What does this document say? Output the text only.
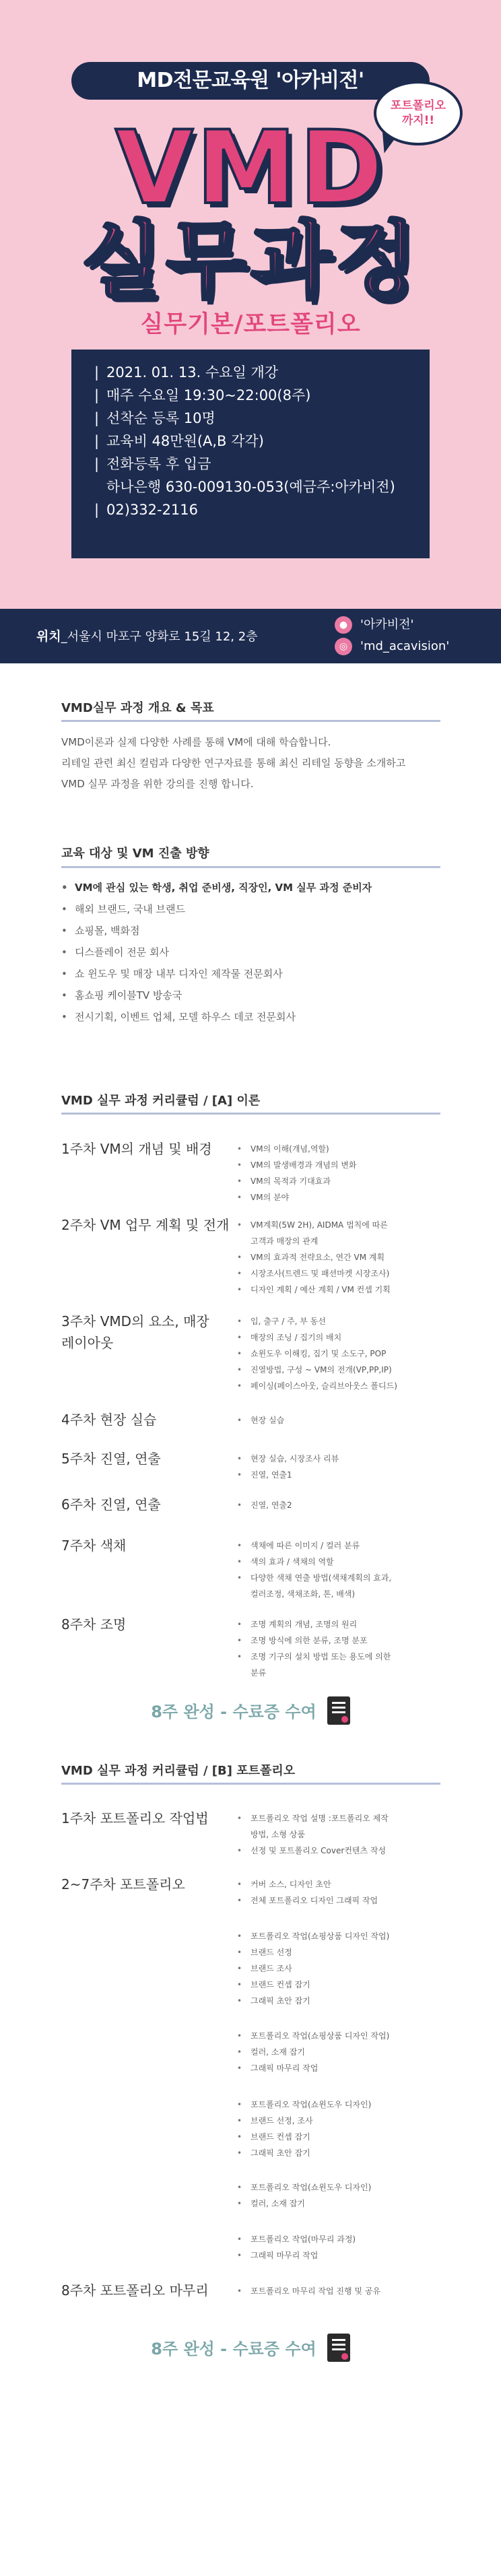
MD전문교육원 '아카비전'
포트폴리오
까지!!
VMD
실무과정
실무기본/포트폴리오
| 2021. 01. 13. 수요일 개강
| 매주 수요일 19:30~22:00(8주)
| 선착순 등록 10명
| 교육비 48만원(A,B 각각)
| 전화등록 후 입금
하나은행 630-009130-053(예금주:아카비전)
| 02)332-2116
위치_서울시 마포구 양화로 15길 12, 2층
● '아카비전'
◎ 'md_acavision'
VMD실무 과정 개요 & 목표
VMD이론과 실제 다양한 사례를 통해 VM에 대해 학습합니다.
리테일 관련 최신 컬럼과 다양한 연구자료를 통해 최신 리테일 동향을 소개하고
VMD 실무 과정을 위한 강의를 진행 합니다.
교육 대상 및 VM 진출 방향
• VM에 관심 있는 학생, 취업 준비생, 직장인, VM 실무 과정 준비자
• 해외 브랜드, 국내 브랜드
• 쇼핑몰, 백화점
• 디스플레이 전문 회사
• 쇼 윈도우 및 매장 내부 디자인 제작물 전문회사
• 홈쇼핑 케이블TV 방송국
• 전시기획, 이벤트 업체, 모델 하우스 데코 전문회사
VMD 실무 과정 커리큘럼 / [A] 이론
1주차 VM의 개념 및 배경	• VM의 이해(개념,역할)
• VM의 발생배경과 개념의 변화
• VM의 목적과 기대효과
• VM의 분야
2주차 VM 업무 계획 및 전개	• VM계획(5W 2H), AIDMA 법칙에 따른
고객과 매장의 관계
• VM의 효과적 전략요소, 연간 VM 계획
• 시장조사(트렌드 및 패션마켓 시장조사)
• 디자인 계획 / 예산 계획 / VM 컨셉 기획
3주차 VMD의 요소, 매장
레이아웃
• 입, 출구 / 주, 부 동선
• 매장의 조닝 / 집기의 배치
• 쇼윈도우 이해킹, 집기 및 소도구, POP
• 진열방법, 구성 ~ VM의 전개(VP,PP,IP)
• 페이싱(페이스아웃, 슬리브아웃스 폴디드)
4주차 현장 실습	• 현장 실습
5주차 진열, 연출	• 현장 실습, 시장조사 리뷰
• 진열, 연출1
6주차 진열, 연출	• 진열, 연출2
7주차 색채	• 색채에 따른 이미지 / 컬러 분류
• 색의 효과 / 색채의 역할
• 다양한 색채 연출 방법(색채계획의 효과,
컬러조정, 색채조화, 톤, 배색)
8주차 조명	• 조명 계획의 개념, 조명의 원리
• 조명 방식에 의한 분류, 조명 분포
• 조명 기구의 설치 방법 또는 용도에 의한
분류
8주 완성 - 수료증 수여
VMD 실무 과정 커리큘럼 / [B] 포트폴리오
1주차 포트폴리오 작업법	• 포트폴리오 작업 설명 :포트폴리오 제작
방법, 소형 상품
• 선정 및 포트폴리오 Cover컨텐츠 작성
2~7주차 포트폴리오	• 커버 소스, 디자인 초안
• 전체 포트폴리오 디자인 그래픽 작업
• 포트폴리오 작업(쇼핑상품 디자인 작업)
• 브랜드 선정
• 브랜드 조사
• 브랜드 컨셉 잡기
• 그래픽 초안 잡기
• 포트폴리오 작업(쇼핑상품 디자인 작업)
• 컬러, 소재 잡기
• 그래픽 마무리 작업
• 포트폴리오 작업(쇼윈도우 디자인)
• 브랜드 선정, 조사
• 브랜드 컨셉 잡기
• 그래픽 초안 잡기
• 포트폴리오 작업(쇼윈도우 디자인)
• 컬러, 소재 잡기
• 포트폴리오 작업(마무리 과정)
• 그래픽 마무리 작업
8주차 포트폴리오 마무리	• 포트폴리오 마무리 작업 진행 및 공유
8주 완성 - 수료증 수여
